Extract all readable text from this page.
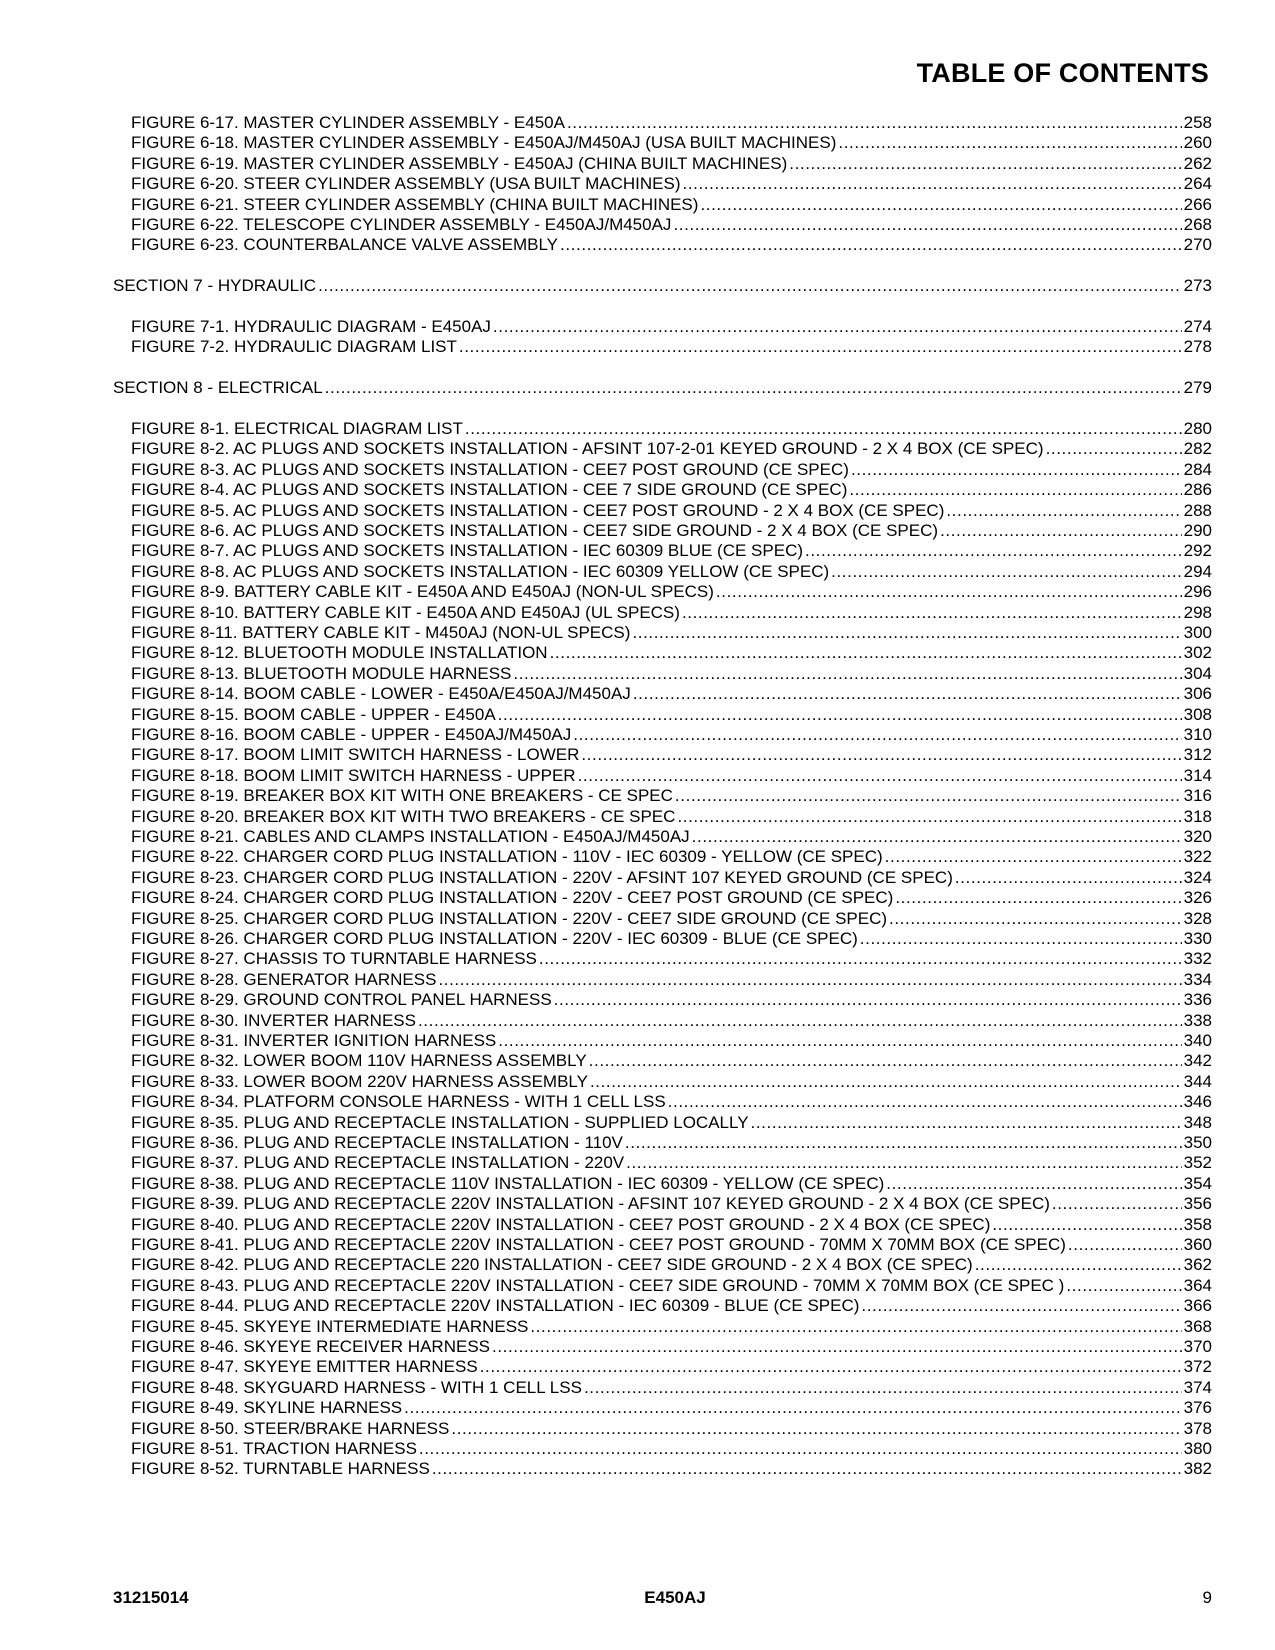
TABLE OF CONTENTS
FIGURE 6-17. MASTER CYLINDER ASSEMBLY - E450A .....	258
FIGURE 6-18. MASTER CYLINDER ASSEMBLY - E450AJ/M450AJ (USA BUILT MACHINES) .....	260
FIGURE 6-19. MASTER CYLINDER ASSEMBLY - E450AJ (CHINA BUILT MACHINES) .....	262
FIGURE 6-20. STEER CYLINDER ASSEMBLY (USA BUILT MACHINES) .....	264
FIGURE 6-21. STEER CYLINDER ASSEMBLY (CHINA BUILT MACHINES) .....	266
FIGURE 6-22. TELESCOPE CYLINDER ASSEMBLY - E450AJ/M450AJ .....	268
FIGURE 6-23. COUNTERBALANCE VALVE ASSEMBLY .....	270
SECTION 7 - HYDRAULIC .....	273
FIGURE 7-1. HYDRAULIC DIAGRAM - E450AJ .....	274
FIGURE 7-2. HYDRAULIC DIAGRAM LIST .....	278
SECTION 8 - ELECTRICAL .....	279
FIGURE 8-1. ELECTRICAL DIAGRAM LIST .....	280
FIGURE 8-2. AC PLUGS AND SOCKETS INSTALLATION - AFSINT 107-2-01 KEYED GROUND - 2 X 4 BOX (CE SPEC) .....	282
FIGURE 8-3. AC PLUGS AND SOCKETS INSTALLATION - CEE7 POST GROUND (CE SPEC) .....	284
FIGURE 8-4. AC PLUGS AND SOCKETS INSTALLATION - CEE 7 SIDE GROUND (CE SPEC) .....	286
FIGURE 8-5. AC PLUGS AND SOCKETS INSTALLATION - CEE7 POST GROUND - 2 X 4 BOX (CE SPEC) .....	288
FIGURE 8-6. AC PLUGS AND SOCKETS INSTALLATION - CEE7 SIDE GROUND - 2 X 4 BOX (CE SPEC) .....	290
FIGURE 8-7. AC PLUGS AND SOCKETS INSTALLATION - IEC 60309 BLUE (CE SPEC) .....	292
FIGURE 8-8. AC PLUGS AND SOCKETS INSTALLATION - IEC 60309 YELLOW (CE SPEC) .....	294
FIGURE 8-9. BATTERY CABLE KIT - E450A AND E450AJ (NON-UL SPECS) .....	296
FIGURE 8-10. BATTERY CABLE KIT - E450A AND E450AJ (UL SPECS) .....	298
FIGURE 8-11. BATTERY CABLE KIT - M450AJ (NON-UL SPECS) .....	300
FIGURE 8-12. BLUETOOTH MODULE INSTALLATION .....	302
FIGURE 8-13. BLUETOOTH MODULE HARNESS .....	304
FIGURE 8-14. BOOM CABLE - LOWER - E450A/E450AJ/M450AJ .....	306
FIGURE 8-15. BOOM CABLE - UPPER - E450A .....	308
FIGURE 8-16. BOOM CABLE - UPPER - E450AJ/M450AJ .....	310
FIGURE 8-17. BOOM LIMIT SWITCH HARNESS - LOWER .....	312
FIGURE 8-18. BOOM LIMIT SWITCH HARNESS - UPPER .....	314
FIGURE 8-19. BREAKER BOX KIT WITH ONE BREAKERS - CE SPEC .....	316
FIGURE 8-20. BREAKER BOX KIT WITH TWO BREAKERS - CE SPEC .....	318
FIGURE 8-21. CABLES AND CLAMPS INSTALLATION - E450AJ/M450AJ .....	320
FIGURE 8-22. CHARGER CORD PLUG INSTALLATION - 110V - IEC 60309 - YELLOW (CE SPEC) .....	322
FIGURE 8-23. CHARGER CORD PLUG INSTALLATION - 220V - AFSINT 107 KEYED GROUND (CE SPEC) .....	324
FIGURE 8-24. CHARGER CORD PLUG INSTALLATION - 220V - CEE7 POST GROUND (CE SPEC) .....	326
FIGURE 8-25. CHARGER CORD PLUG INSTALLATION - 220V - CEE7 SIDE GROUND (CE SPEC) .....	328
FIGURE 8-26. CHARGER CORD PLUG INSTALLATION - 220V - IEC 60309 - BLUE (CE SPEC) .....	330
FIGURE 8-27. CHASSIS TO TURNTABLE HARNESS .....	332
FIGURE 8-28. GENERATOR HARNESS .....	334
FIGURE 8-29. GROUND CONTROL PANEL HARNESS .....	336
FIGURE 8-30. INVERTER HARNESS .....	338
FIGURE 8-31. INVERTER IGNITION HARNESS .....	340
FIGURE 8-32. LOWER BOOM 110V HARNESS ASSEMBLY .....	342
FIGURE 8-33. LOWER BOOM 220V HARNESS ASSEMBLY .....	344
FIGURE 8-34. PLATFORM CONSOLE HARNESS - WITH 1 CELL LSS .....	346
FIGURE 8-35. PLUG AND RECEPTACLE INSTALLATION - SUPPLIED LOCALLY .....	348
FIGURE 8-36. PLUG AND RECEPTACLE INSTALLATION - 110V .....	350
FIGURE 8-37. PLUG AND RECEPTACLE INSTALLATION - 220V .....	352
FIGURE 8-38. PLUG AND RECEPTACLE 110V INSTALLATION - IEC 60309 - YELLOW (CE SPEC) .....	354
FIGURE 8-39. PLUG AND RECEPTACLE 220V INSTALLATION - AFSINT 107 KEYED GROUND - 2 X 4 BOX (CE SPEC) .....	356
FIGURE 8-40. PLUG AND RECEPTACLE 220V INSTALLATION - CEE7 POST GROUND - 2 X 4 BOX (CE SPEC) .....	358
FIGURE 8-41. PLUG AND RECEPTACLE 220V INSTALLATION - CEE7 POST GROUND - 70MM X 70MM BOX (CE SPEC) .....	360
FIGURE 8-42. PLUG AND RECEPTACLE 220 INSTALLATION - CEE7 SIDE GROUND - 2 X 4 BOX (CE SPEC) .....	362
FIGURE 8-43. PLUG AND RECEPTACLE 220V INSTALLATION - CEE7 SIDE GROUND - 70MM X 70MM BOX (CE SPEC ) .....	364
FIGURE 8-44. PLUG AND RECEPTACLE 220V INSTALLATION - IEC 60309 - BLUE (CE SPEC) .....	366
FIGURE 8-45. SKYEYE INTERMEDIATE HARNESS .....	368
FIGURE 8-46. SKYEYE RECEIVER HARNESS .....	370
FIGURE 8-47. SKYEYE EMITTER HARNESS .....	372
FIGURE 8-48. SKYGUARD HARNESS - WITH 1 CELL LSS .....	374
FIGURE 8-49. SKYLINE HARNESS .....	376
FIGURE 8-50. STEER/BRAKE HARNESS .....	378
FIGURE 8-51. TRACTION HARNESS .....	380
FIGURE 8-52. TURNTABLE HARNESS .....	382
31215014	E450AJ	9
